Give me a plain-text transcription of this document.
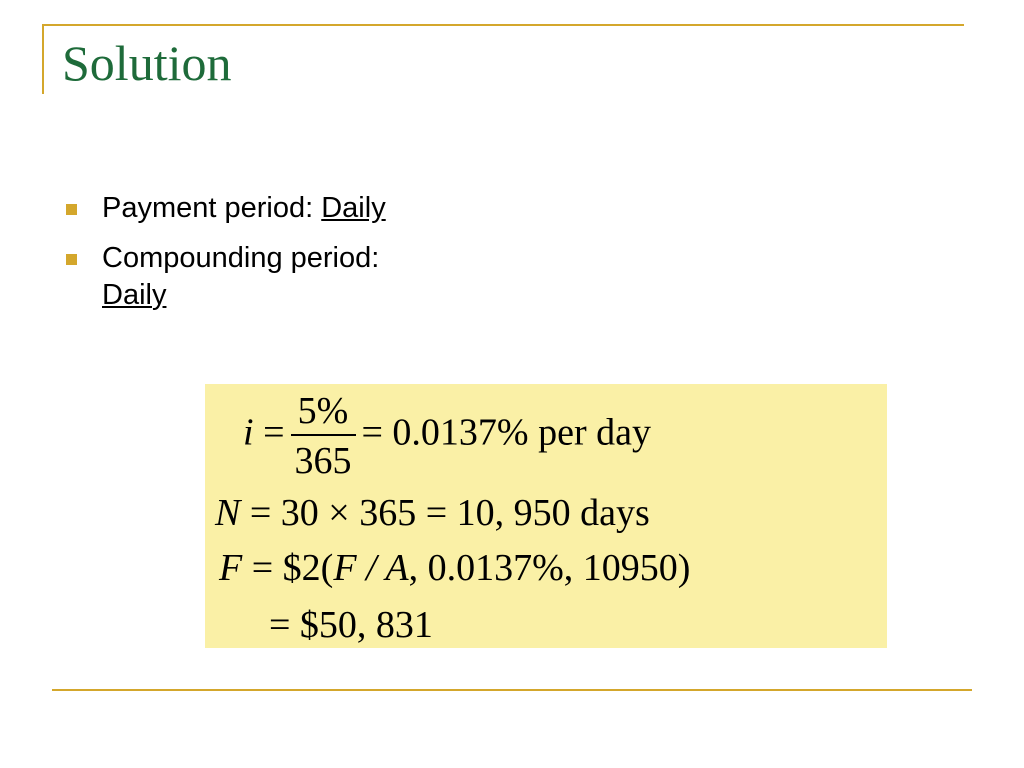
Solution
Payment period: Daily
Compounding period:
Daily
$i = \frac{5\%}{365} = 0.0137\%$ per day
N = 30 × 365 = 10, 950 days
F = $2(F / A, 0.0137%, 10950)
= $50, 831
